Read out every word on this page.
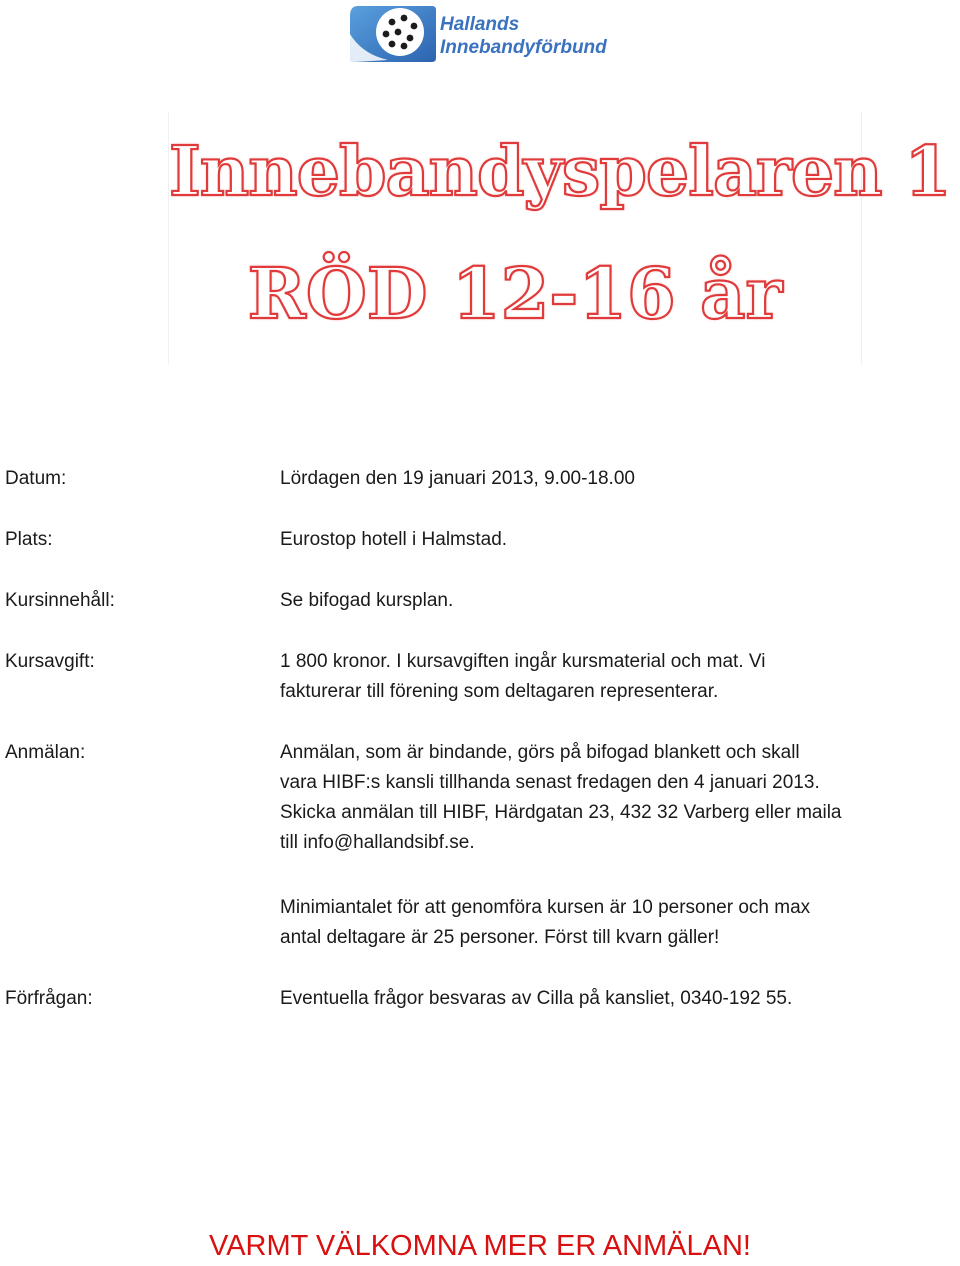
Hallands
Innebandyförbund
Innebandyspelaren 1
RÖD 12-16 år
Datum:	Lördagen den 19 januari 2013, 9.00-18.00
Plats:	Eurostop hotell i Halmstad.
Kursinnehåll:	Se bifogad kursplan.
Kursavgift:	1 800 kronor. I kursavgiften ingår kursmaterial och mat. Vi
fakturerar till förening som deltagaren representerar.
Anmälan:	Anmälan, som är bindande, görs på bifogad blankett och skall
vara HIBF:s kansli tillhanda senast fredagen den 4 januari 2013.
Skicka anmälan till HIBF, Härdgatan 23, 432 32 Varberg eller maila
till info@hallandsibf.se.
Minimiantalet för att genomföra kursen är 10 personer och max
antal deltagare är 25 personer. Först till kvarn gäller!
Förfrågan:	Eventuella frågor besvaras av Cilla på kansliet, 0340-192 55.
VARMT VÄLKOMNA MER ER ANMÄLAN!
